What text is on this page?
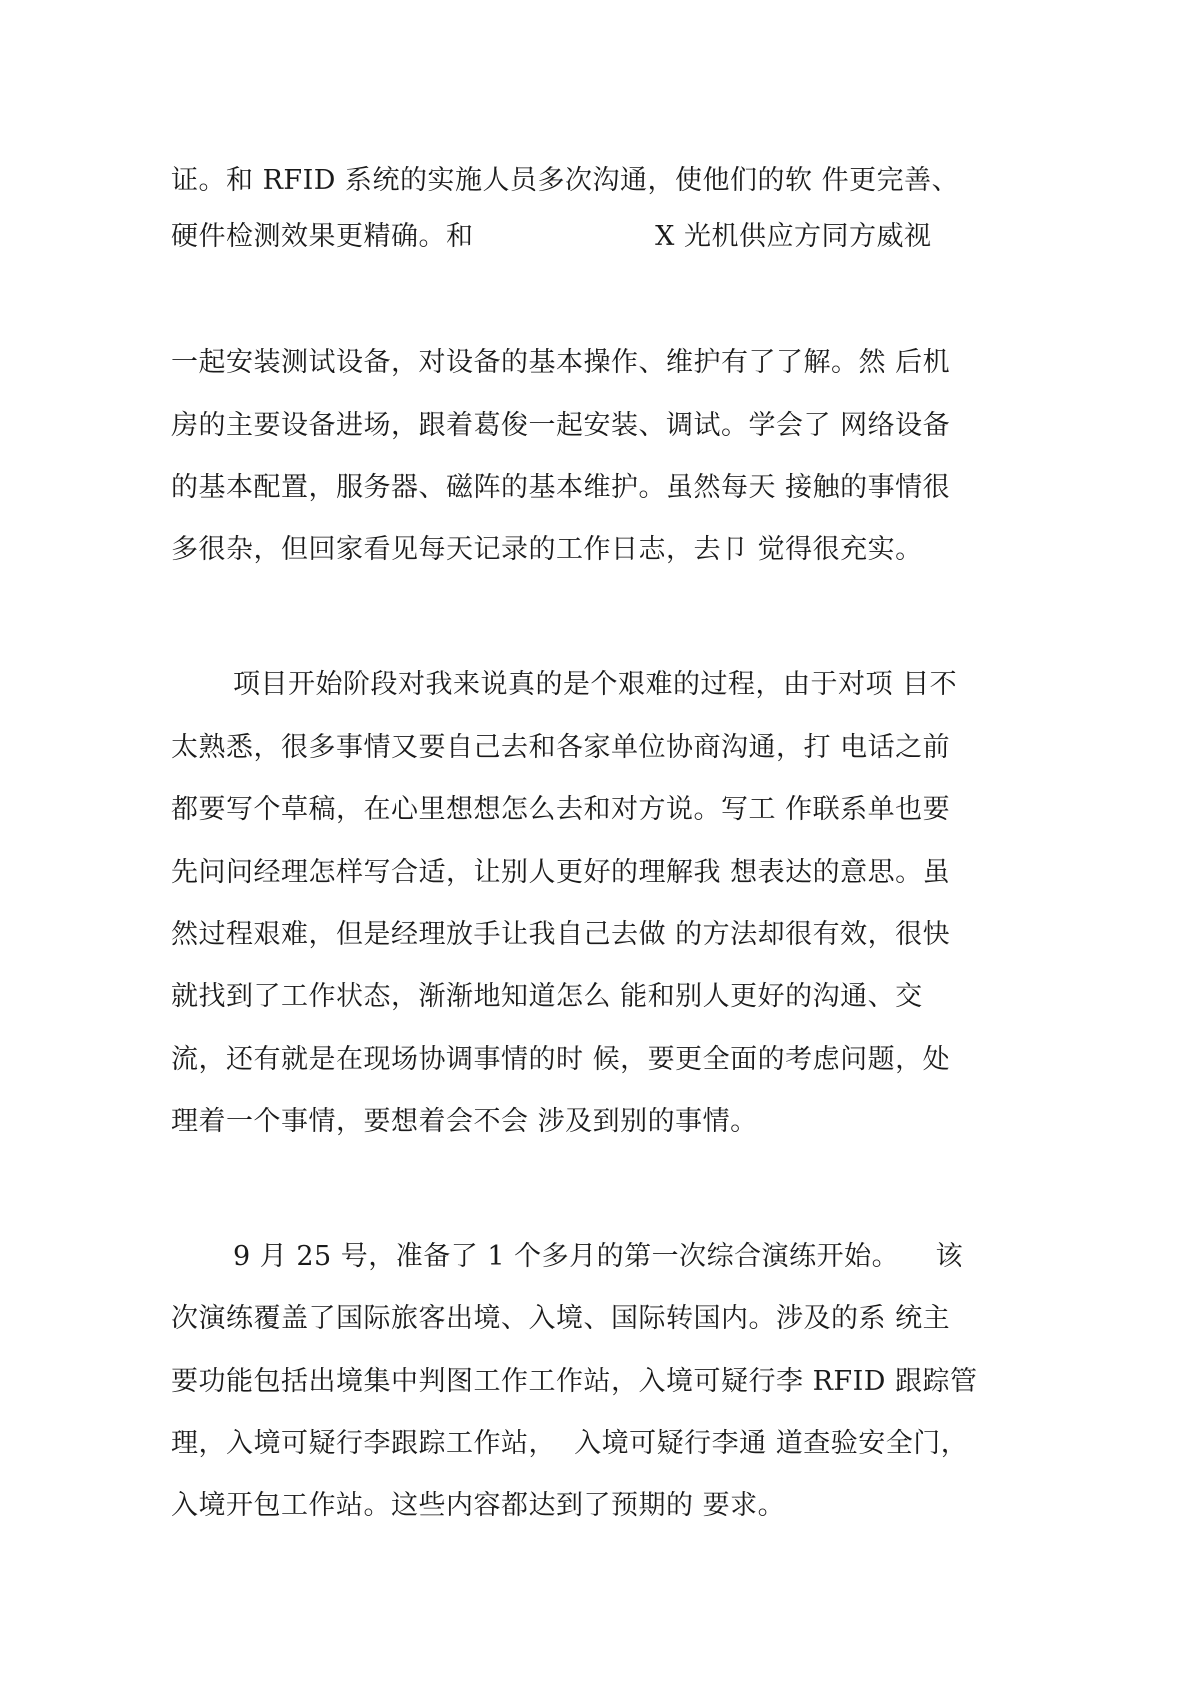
证。和 RFID 系统的实施人员多次沟通，使他们的软 件更完善、
硬件检测效果更精确。和                    X 光机供应方同方威视
一起安装测试设备，对设备的基本操作、维护有了了解。然 后机
房的主要设备进场，跟着葛俊一起安装、调试。学会了 网络设备
的基本配置，服务器、磁阵的基本维护。虽然每天 接触的事情很
多很杂，但回家看见每天记录的工作日志，去卩 觉得很充实。
项目开始阶段对我来说真的是个艰难的过程，由于对项 目不
太熟悉，很多事情又要自己去和各家单位协商沟通，打 电话之前
都要写个草稿，在心里想想怎么去和对方说。写工 作联系单也要
先问问经理怎样写合适，让别人更好的理解我 想表达的意思。虽
然过程艰难，但是经理放手让我自己去做 的方法却很有效，很快
就找到了工作状态，渐渐地知道怎么 能和别人更好的沟通、交
流，还有就是在现场协调事情的时 候，要更全面的考虑问题，处
理着一个事情，要想着会不会 涉及到别的事情。
9 月 25 号，准备了 1 个多月的第一次综合演练开始。    该
次演练覆盖了国际旅客出境、入境、国际转国内。涉及的系 统主
要功能包括出境集中判图工作工作站，入境可疑行李 RFID 跟踪管
理，入境可疑行李跟踪工作站，  入境可疑行李通 道查验安全门，
入境开包工作站。这些内容都达到了预期的 要求。
